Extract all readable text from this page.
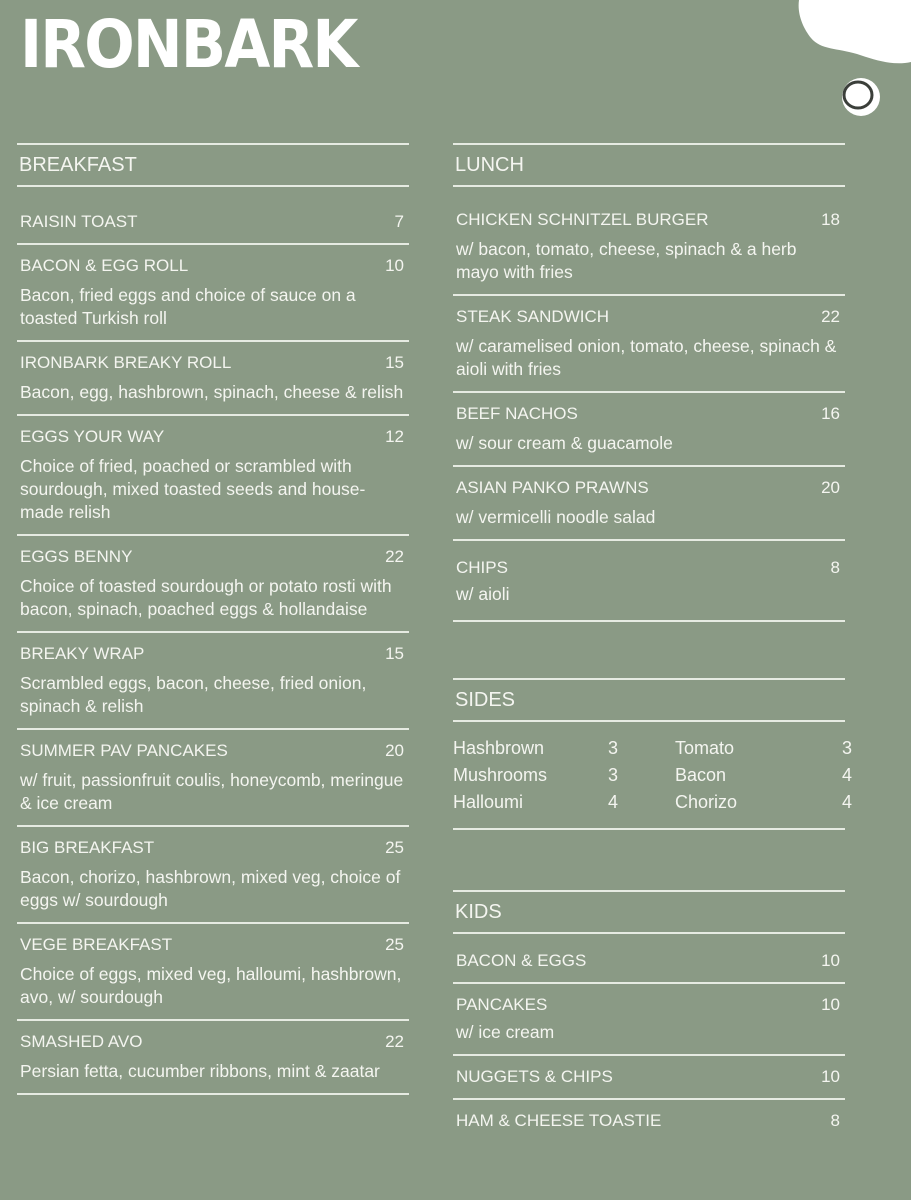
IRONBARK
BREAKFAST
RAISIN TOAST	7
BACON & EGG ROLL	10
Bacon, fried eggs and choice of sauce on a toasted Turkish roll
IRONBARK BREAKY ROLL	15
Bacon, egg, hashbrown, spinach, cheese & relish
EGGS YOUR WAY	12
Choice of fried, poached or scrambled with sourdough, mixed toasted seeds and house-made relish
EGGS BENNY	22
Choice of toasted sourdough or potato rosti with bacon, spinach, poached eggs & hollandaise
BREAKY WRAP	15
Scrambled eggs, bacon, cheese, fried onion, spinach & relish
SUMMER PAV PANCAKES	20
w/ fruit, passionfruit coulis, honeycomb, meringue & ice cream
BIG BREAKFAST	25
Bacon, chorizo, hashbrown, mixed veg, choice of eggs w/ sourdough
VEGE BREAKFAST	25
Choice of eggs, mixed veg, halloumi, hashbrown, avo, w/ sourdough
SMASHED AVO	22
Persian fetta, cucumber ribbons, mint & zaatar
LUNCH
CHICKEN SCHNITZEL BURGER	18
w/ bacon, tomato, cheese, spinach & a herb mayo with fries
STEAK SANDWICH	22
w/ caramelised onion, tomato, cheese, spinach & aioli with fries
BEEF NACHOS	16
w/ sour cream & guacamole
ASIAN PANKO PRAWNS	20
w/ vermicelli noodle salad
CHIPS	8
w/ aioli
SIDES
Hashbrown	3	Tomato	3
Mushrooms	3	Bacon	4
Halloumi	4	Chorizo	4
KIDS
BACON & EGGS	10
PANCAKES	10
w/ ice cream
NUGGETS & CHIPS	10
HAM & CHEESE TOASTIE	8
